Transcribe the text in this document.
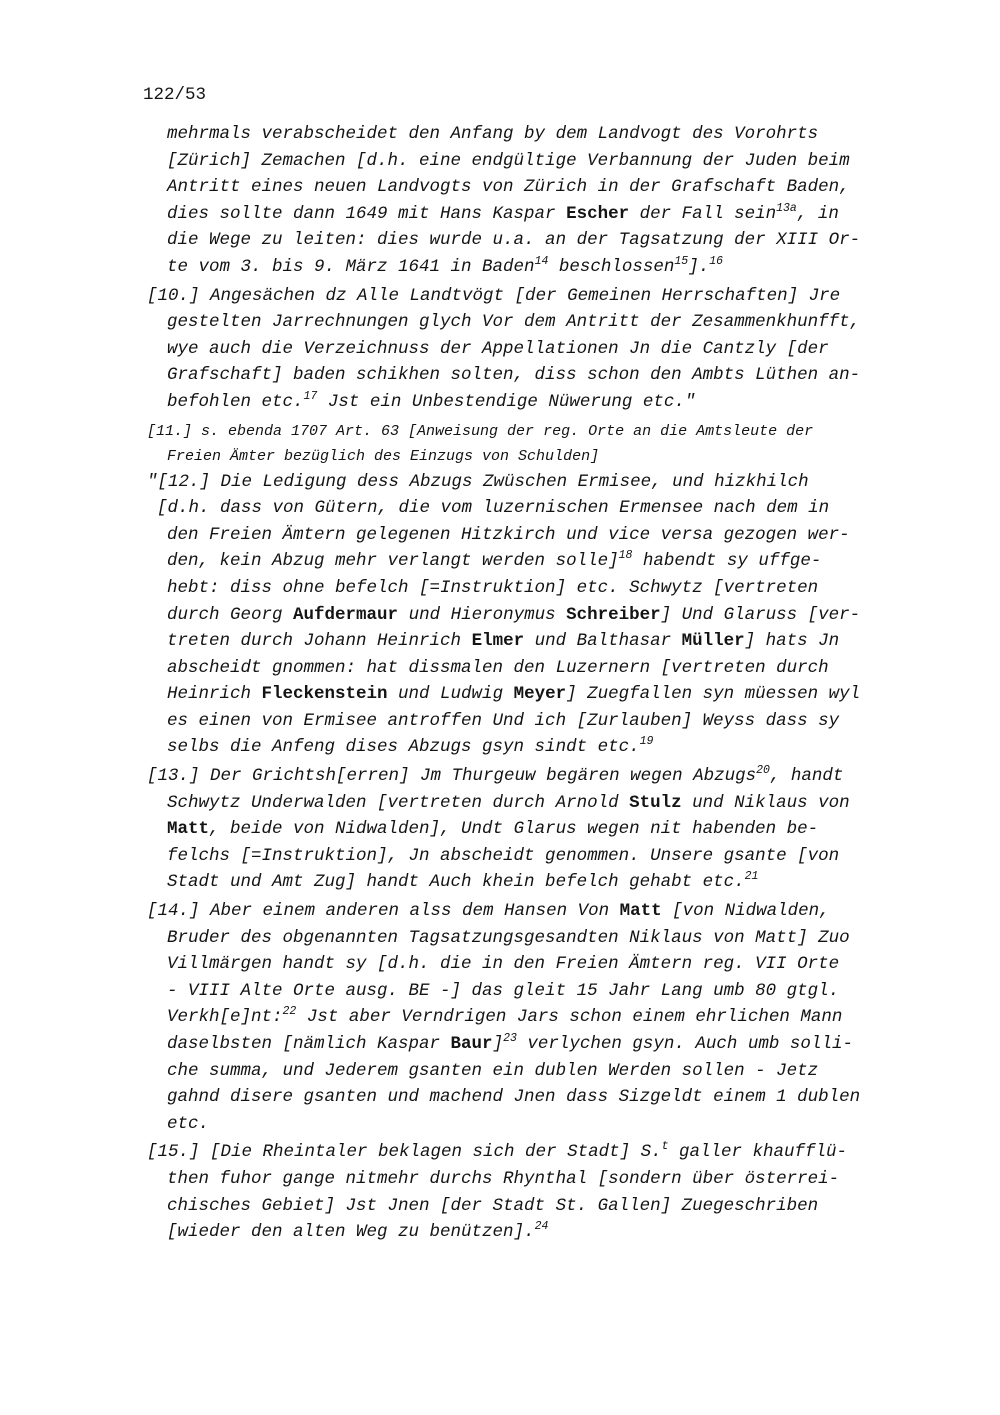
122/53
mehrmals verabscheidet den Anfang by dem Landvogt des Vorohrts
[Zürich] Zemachen [d.h. eine endgültige Verbannung der Juden beim
Antritt eines neuen Landvogts von Zürich in der Grafschaft Baden,
dies sollte dann 1649 mit Hans Kaspar Escher der Fall sein$^{13a}$, in
die Wege zu leiten: dies wurde u.a. an der Tagsatzung der XIII Or-
te vom 3. bis 9. März 1641 in Baden$^{14}$ beschlossen$^{15}$].$^{16}$
[10.] Angesächen dz Alle Landtvögt [der Gemeinen Herrschaften] Jre
gestelten Jarrechnungen glych Vor dem Antritt der Zesammenkhunfft,
wye auch die Verzeichnuss der Appellationen Jn die Cantzly [der
Grafschaft] baden schikhen solten, diss schon den Ambts Lüthen an-
befohlen etc.$^{17}$ Jst ein Unbestendige Nüwerung etc."
[11.] s. ebenda 1707 Art. 63 [Anweisung der reg. Orte an die Amtsleute der
Freien Ämter bezüglich des Einzugs von Schulden]
"[12.] Die Ledigung dess Abzugs Zwüschen Ermisee, und hizkhilch
[d.h. dass von Gütern, die vom luzernischen Ermensee nach dem in
den Freien Ämtern gelegenen Hitzkirch und vice versa gezogen wer-
den, kein Abzug mehr verlangt werden solle]$^{18}$ habendt sy uffge-
hebt: diss ohne befelch [=Instruktion] etc. Schwytz [vertreten
durch Georg Aufdermaur und Hieronymus Schreiber] Und Glaruss [ver-
treten durch Johann Heinrich Elmer und Balthasar Müller] hats Jn
abscheidt gnommen: hat dissmalen den Luzernern [vertreten durch
Heinrich Fleckenstein und Ludwig Meyer] Zuegfallen syn müessen wyl
es einen von Ermisee antroffen Und ich [Zurlauben] Weyss dass sy
selbs die Anfeng dises Abzugs gsyn sindt etc.$^{19}$
[13.] Der Grichtsh[erren] Jm Thurgeuw begären wegen Abzugs$^{20}$, handt
Schwytz Underwalden [vertreten durch Arnold Stulz und Niklaus von
Matt, beide von Nidwalden], Undt Glarus wegen nit habenden be-
felchs [=Instruktion], Jn abscheidt genommen. Unsere gsante [von
Stadt und Amt Zug] handt Auch khein befelch gehabt etc.$^{21}$
[14.] Aber einem anderen alss dem Hansen Von Matt [von Nidwalden,
Bruder des obgenannten Tagsatzungsgesandten Niklaus von Matt] Zuo
Villmärgen handt sy [d.h. die in den Freien Ämtern reg. VII Orte
- VIII Alte Orte ausg. BE -] das gleit 15 Jahr Lang umb 80 gtgl.
Verkh[e]nt:$^{22}$ Jst aber Verndrigen Jars schon einem ehrlichen Mann
daselbsten [nämlich Kaspar Baur]$^{23}$ verlychen gsyn. Auch umb solli-
che summa, und Jederem gsanten ein dublen Werden sollen - Jetz
gahnd disere gsanten und machend Jnen dass Sizgeldt einem 1 dublen
etc.
[15.] [Die Rheintaler beklagen sich der Stadt] S.$^t$ galler khaufflü-
then fuhor gange nitmehr durchs Rhynthal [sondern über österrei-
chisches Gebiet] Jst Jnen [der Stadt St. Gallen] Zuegeschriben
[wieder den alten Weg zu benützen].$^{24}$
